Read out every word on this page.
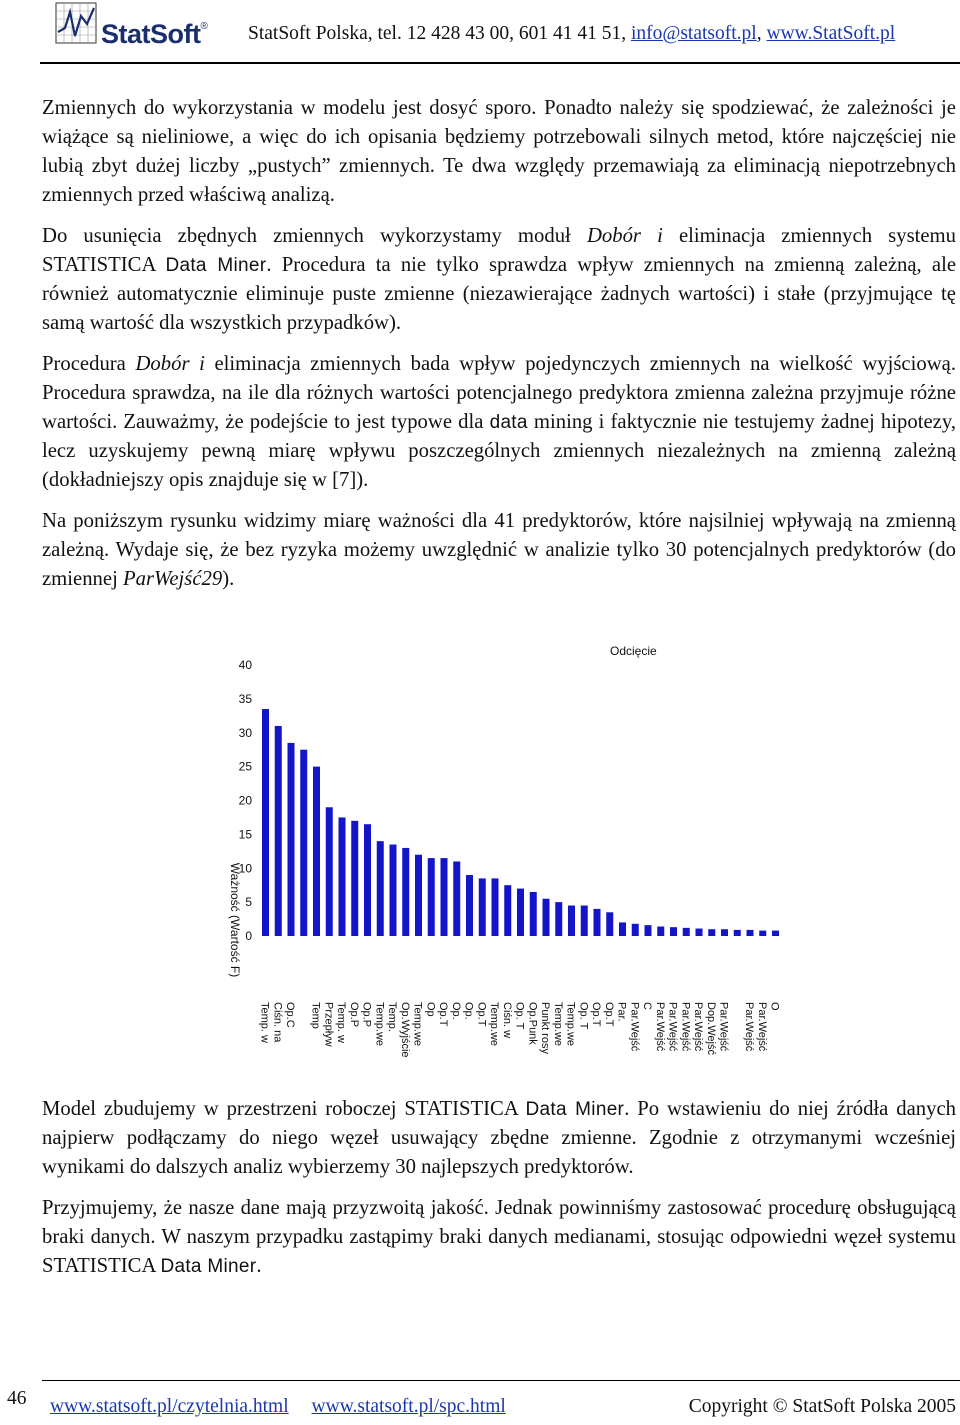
StatSoft® StatSoft Polska, tel. 12 428 43 00, 601 41 41 51, info@statsoft.pl, www.StatSoft.pl

Zmiennych do wykorzystania w modelu jest dosyć sporo. Ponadto należy się spodziewać, że zależności je wiążące są nieliniowe, a więc do ich opisania będziemy potrzebowali silnych metod, które najczęściej nie lubią zbyt dużej liczby „pustych” zmiennych. Te dwa względy przemawiają za eliminacją niepotrzebnych zmiennych przed właściwą analizą.

Do usunięcia zbędnych zmiennych wykorzystamy moduł Dobór i eliminacja zmiennych systemu STATISTICA Data Miner. Procedura ta nie tylko sprawdza wpływ zmiennych na zmienną zależną, ale również automatycznie eliminuje puste zmienne (niezawierające żadnych wartości) i stałe (przyjmujące tę samą wartość dla wszystkich przypadków).

Procedura Dobór i eliminacja zmiennych bada wpływ pojedynczych zmiennych na wielkość wyjściową. Procedura sprawdza, na ile dla różnych wartości potencjalnego predyktora zmienna zależna przyjmuje różne wartości. Zauważmy, że podejście to jest typowe dla data mining i faktycznie nie testujemy żadnej hipotezy, lecz uzyskujemy pewną miarę wpływu poszczególnych zmiennych niezależnych na zmienną zależną (dokładniejszy opis znajduje się w [7]).

Na poniższym rysunku widzimy miarę ważności dla 41 predyktorów, które najsilniej wpływają na zmienną zależną. Wydaje się, że bez ryzyka możemy uwzględnić w analizie tylko 30 potencjalnych predyktorów (do zmiennej ParWejść29).

0
5
10
15
20
25
30
35
40
Temp. w Ciśn. na Op.C Temp Przepływ Temp. w Op.P Op.P Temp.we Temp. Op.Wyjście Temp.we Op Op.T Op. Op. Op.T Temp.we Ciśn. w Op. T Op.Punk Punkt rosy Temp.we Temp.we Op. T Op.T Op.T Par. Par.Wejść C Par.Wejść Par.Wejść Par.Wejść Par.Wejść Dop.Wejść Par.Wejść Par.Wejść Par.Wejść O
Ważność (Wartość F)
Odcięcie

Model zbudujemy w przestrzeni roboczej STATISTICA Data Miner. Po wstawieniu do niej źródła danych najpierw podłączamy do niego węzeł usuwający zbędne zmienne. Zgodnie z otrzymanymi wcześniej wynikami do dalszych analiz wybierzemy 30 najlepszych predyktorów.

Przyjmujemy, że nasze dane mają przyzwoitą jakość. Jednak powinniśmy zastosować procedurę obsługującą braki danych. W naszym przypadku zastąpimy braki danych medianami, stosując odpowiedni węzeł systemu STATISTICA Data Miner.

46 www.statsoft.pl/czytelnia.html www.statsoft.pl/spc.html	Copyright © StatSoft Polska 2005
